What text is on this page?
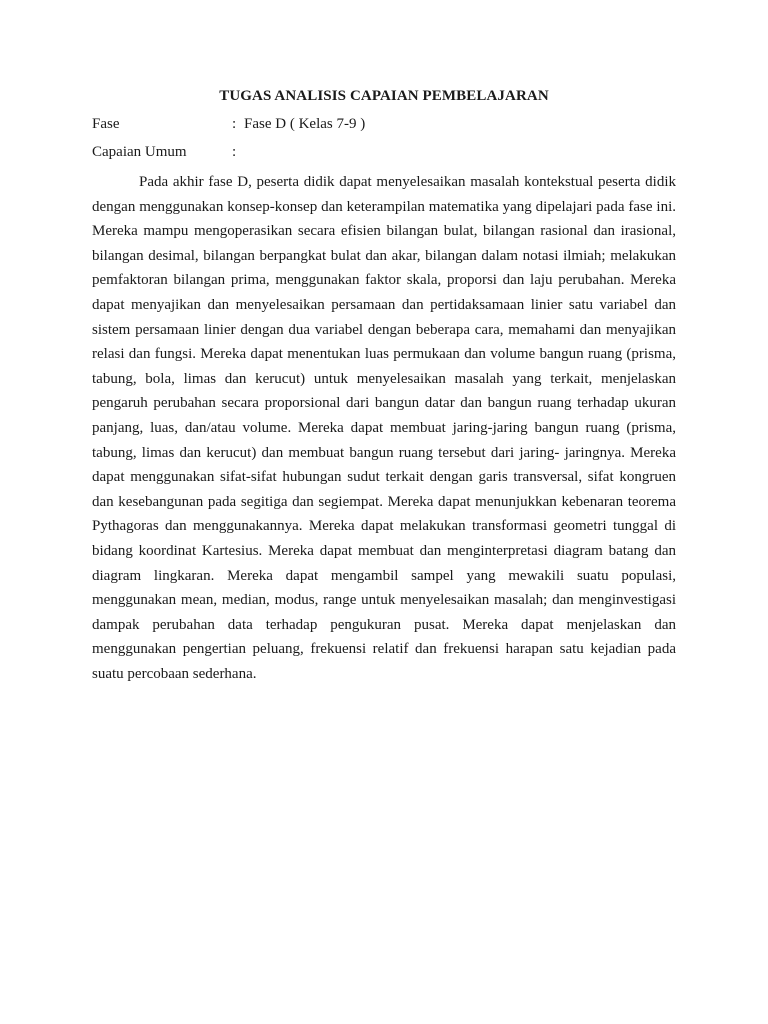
TUGAS ANALISIS CAPAIAN PEMBELAJARAN
Fase	: Fase D ( Kelas 7-9 )
Capaian Umum	:

Pada akhir fase D, peserta didik dapat menyelesaikan masalah kontekstual peserta didik dengan menggunakan konsep-konsep dan keterampilan matematika yang dipelajari pada fase ini. Mereka mampu mengoperasikan secara efisien bilangan bulat, bilangan rasional dan irasional, bilangan desimal, bilangan berpangkat bulat dan akar, bilangan dalam notasi ilmiah; melakukan pemfaktoran bilangan prima, menggunakan faktor skala, proporsi dan laju perubahan. Mereka dapat menyajikan dan menyelesaikan persamaan dan pertidaksamaan linier satu variabel dan sistem persamaan linier dengan dua variabel dengan beberapa cara, memahami dan menyajikan relasi dan fungsi. Mereka dapat menentukan luas permukaan dan volume bangun ruang (prisma, tabung, bola, limas dan kerucut) untuk menyelesaikan masalah yang terkait, menjelaskan pengaruh perubahan secara proporsional dari bangun datar dan bangun ruang terhadap ukuran panjang, luas, dan/atau volume. Mereka dapat membuat jaring-jaring bangun ruang (prisma, tabung, limas dan kerucut) dan membuat bangun ruang tersebut dari jaring- jaringnya. Mereka dapat menggunakan sifat-sifat hubungan sudut terkait dengan garis transversal, sifat kongruen dan kesebangunan pada segitiga dan segiempat. Mereka dapat menunjukkan kebenaran teorema Pythagoras dan menggunakannya. Mereka dapat melakukan transformasi geometri tunggal di bidang koordinat Kartesius. Mereka dapat membuat dan menginterpretasi diagram batang dan diagram lingkaran. Mereka dapat mengambil sampel yang mewakili suatu populasi, menggunakan mean, median, modus, range untuk menyelesaikan masalah; dan menginvestigasi dampak perubahan data terhadap pengukuran pusat. Mereka dapat menjelaskan dan menggunakan pengertian peluang, frekuensi relatif dan frekuensi harapan satu kejadian pada suatu percobaan sederhana.
